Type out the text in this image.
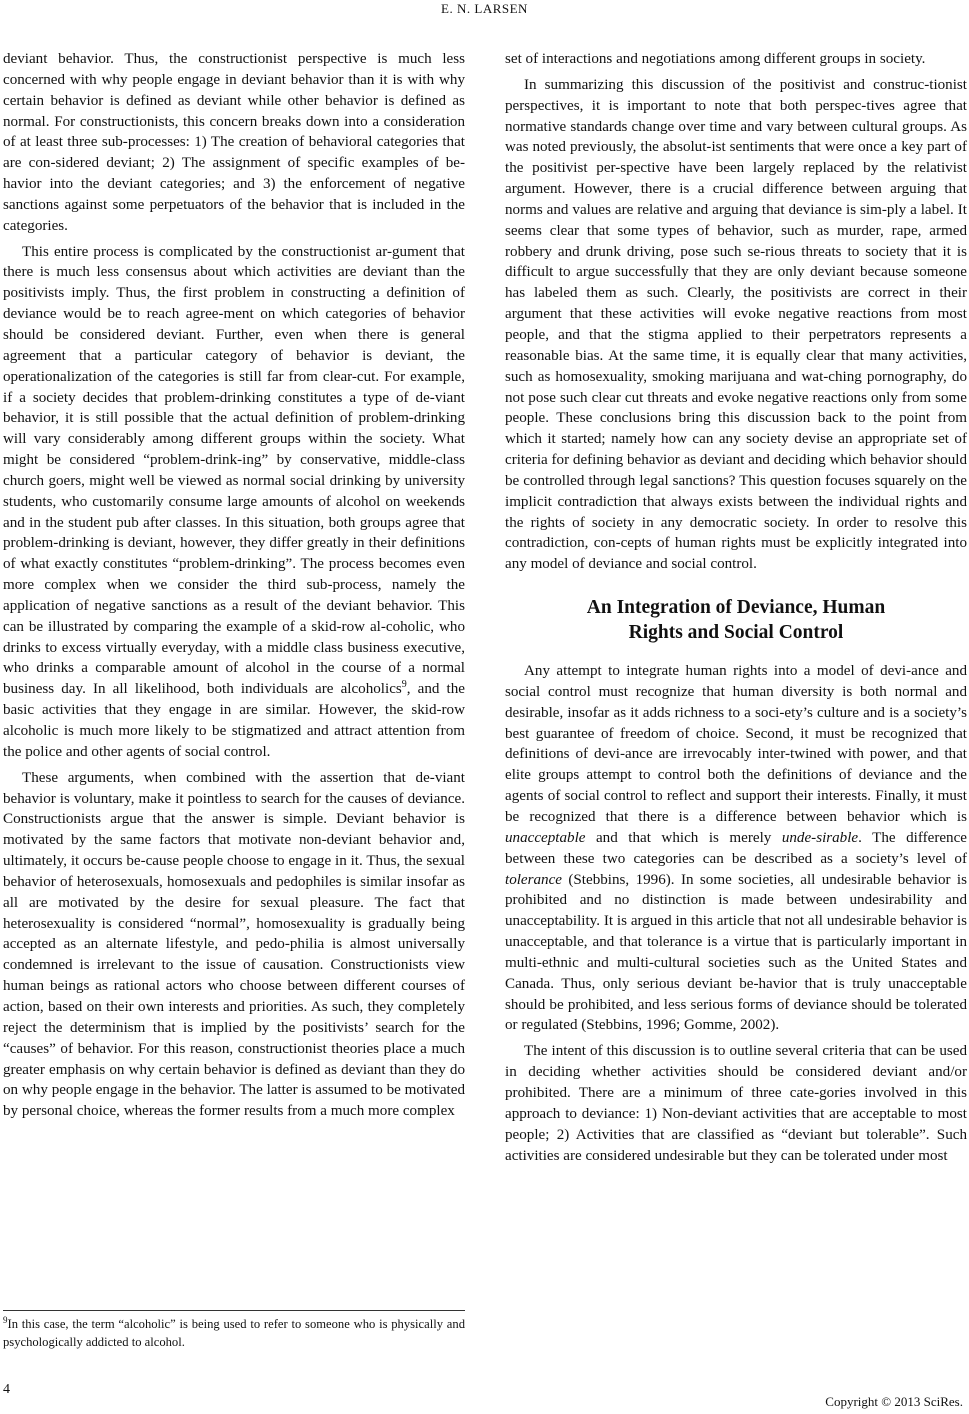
E. N. LARSEN

deviant behavior. Thus, the constructionist perspective is much less concerned with why people engage in deviant behavior than it is with why certain behavior is defined as deviant while other behavior is defined as normal. For constructionists, this concern breaks down into a consideration of at least three sub-processes: 1) The creation of behavioral categories that are con-sidered deviant; 2) The assignment of specific examples of be-havior into the deviant categories; and 3) the enforcement of negative sanctions against some perpetuators of the behavior that is included in the categories.

This entire process is complicated by the constructionist ar-gument that there is much less consensus about which activities are deviant than the positivists imply. Thus, the first problem in constructing a definition of deviance would be to reach agree-ment on which categories of behavior should be considered deviant. Further, even when there is general agreement that a particular category of behavior is deviant, the operationalization of the categories is still far from clear-cut. For example, if a society decides that problem-drinking constitutes a type of de-viant behavior, it is still possible that the actual definition of problem-drinking will vary considerably among different groups within the society. What might be considered “problem-drink-ing” by conservative, middle-class church goers, might well be viewed as normal social drinking by university students, who customarily consume large amounts of alcohol on weekends and in the student pub after classes. In this situation, both groups agree that problem-drinking is deviant, however, they differ greatly in their definitions of what exactly constitutes “problem-drinking”. The process becomes even more complex when we consider the third sub-process, namely the application of negative sanctions as a result of the deviant behavior. This can be illustrated by comparing the example of a skid-row al-coholic, who drinks to excess virtually everyday, with a middle class business executive, who drinks a comparable amount of alcohol in the course of a normal business day. In all likelihood, both individuals are alcoholics$^9$, and the basic activities that they engage in are similar. However, the skid-row alcoholic is much more likely to be stigmatized and attract attention from the police and other agents of social control.

These arguments, when combined with the assertion that de-viant behavior is voluntary, make it pointless to search for the causes of deviance. Constructionists argue that the answer is simple. Deviant behavior is motivated by the same factors that motivate non-deviant behavior and, ultimately, it occurs be-cause people choose to engage in it. Thus, the sexual behavior of heterosexuals, homosexuals and pedophiles is similar insofar as all are motivated by the desire for sexual pleasure. The fact that heterosexuality is considered “normal”, homosexuality is gradually being accepted as an alternate lifestyle, and pedo-philia is almost universally condemned is irrelevant to the issue of causation. Constructionists view human beings as rational actors who choose between different courses of action, based on their own interests and priorities. As such, they completely reject the determinism that is implied by the positivists’ search for the “causes” of behavior. For this reason, constructionist theories place a much greater emphasis on why certain behavior is defined as deviant than they do on why people engage in the behavior. The latter is assumed to be motivated by personal choice, whereas the former results from a much more complex

set of interactions and negotiations among different groups in society.

In summarizing this discussion of the positivist and construc-tionist perspectives, it is important to note that both perspec-tives agree that normative standards change over time and vary between cultural groups. As was noted previously, the absolut-ist sentiments that were once a key part of the positivist per-spective have been largely replaced by the relativist argument. However, there is a crucial difference between arguing that norms and values are relative and arguing that deviance is sim-ply a label. It seems clear that some types of behavior, such as murder, rape, armed robbery and drunk driving, pose such se-rious threats to society that it is difficult to argue successfully that they are only deviant because someone has labeled them as such. Clearly, the positivists are correct in their argument that these activities will evoke negative reactions from most people, and that the stigma applied to their perpetrators represents a reasonable bias. At the same time, it is equally clear that many activities, such as homosexuality, smoking marijuana and wat-ching pornography, do not pose such clear cut threats and evoke negative reactions only from some people. These conclusions bring this discussion back to the point from which it started; namely how can any society devise an appropriate set of criteria for defining behavior as deviant and deciding which behavior should be controlled through legal sanctions? This question focuses squarely on the implicit contradiction that always exists between the individual rights and the rights of society in any democratic society. In order to resolve this contradiction, con-cepts of human rights must be explicitly integrated into any model of deviance and social control.

An Integration of Deviance, Human
Rights and Social Control

Any attempt to integrate human rights into a model of devi-ance and social control must recognize that human diversity is both normal and desirable, insofar as it adds richness to a soci-ety’s culture and is a society’s best guarantee of freedom of choice. Second, it must be recognized that definitions of devi-ance are irrevocably inter-twined with power, and that elite groups attempt to control both the definitions of deviance and the agents of social control to reflect and support their interests. Finally, it must be recognized that there is a difference between behavior which is unacceptable and that which is merely unde-sirable. The difference between these two categories can be described as a society’s level of tolerance (Stebbins, 1996). In some societies, all undesirable behavior is prohibited and no distinction is made between undesirability and unacceptability. It is argued in this article that not all undesirable behavior is unacceptable, and that tolerance is a virtue that is particularly important in multi-ethnic and multi-cultural societies such as the United States and Canada. Thus, only serious deviant be-havior that is truly unacceptable should be prohibited, and less serious forms of deviance should be tolerated or regulated (Stebbins, 1996; Gomme, 2002).

The intent of this discussion is to outline several criteria that can be used in deciding whether activities should be considered deviant and/or prohibited. There are a minimum of three cate-gories involved in this approach to deviance: 1) Non-deviant activities that are acceptable to most people; 2) Activities that are classified as “deviant but tolerable”. Such activities are considered undesirable but they can be tolerated under most

$^9$In this case, the term “alcoholic” is being used to refer to someone who is physically and psychologically addicted to alcohol.
4
Copyright © 2013 SciRes.
